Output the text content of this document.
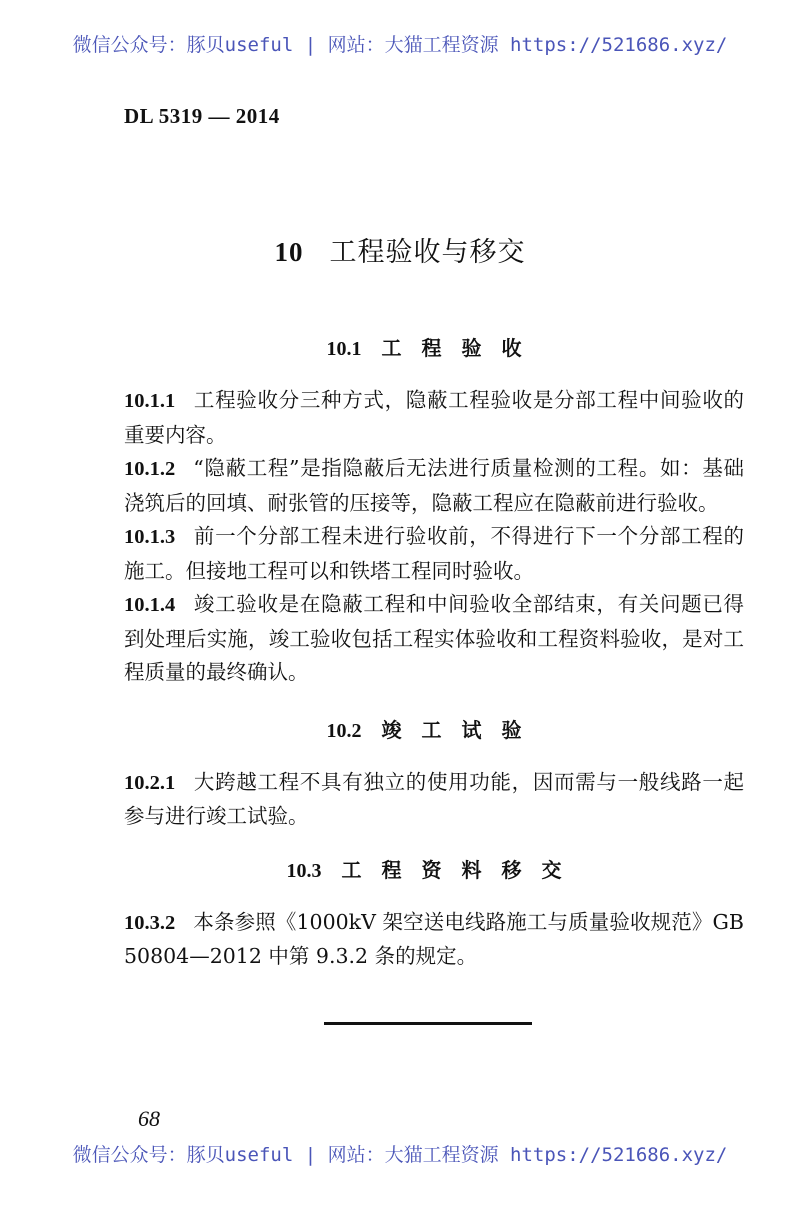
微信公众号：豚贝useful | 网站：大猫工程资源 https://521686.xyz/
DL 5319 — 2014
10 工程验收与移交
10.1 工程验收

10.1.1 工程验收分三种方式，隐蔽工程验收是分部工程中间验收的重要内容。

10.1.2 “隐蔽工程”是指隐蔽后无法进行质量检测的工程。如：基础浇筑后的回填、耐张管的压接等，隐蔽工程应在隐蔽前进行验收。

10.1.3 前一个分部工程未进行验收前，不得进行下一个分部工程的施工。但接地工程可以和铁塔工程同时验收。

10.1.4 竣工验收是在隐蔽工程和中间验收全部结束，有关问题已得到处理后实施，竣工验收包括工程实体验收和工程资料验收，是对工程质量的最终确认。

10.2 竣工试验

10.2.1 大跨越工程不具有独立的使用功能，因而需与一般线路一起参与进行竣工试验。

10.3 工程资料移交

10.3.2 本条参照《1000kV 架空送电线路施工与质量验收规范》GB 50804—2012 中第 9.3.2 条的规定。

68
微信公众号：豚贝useful | 网站：大猫工程资源 https://521686.xyz/
